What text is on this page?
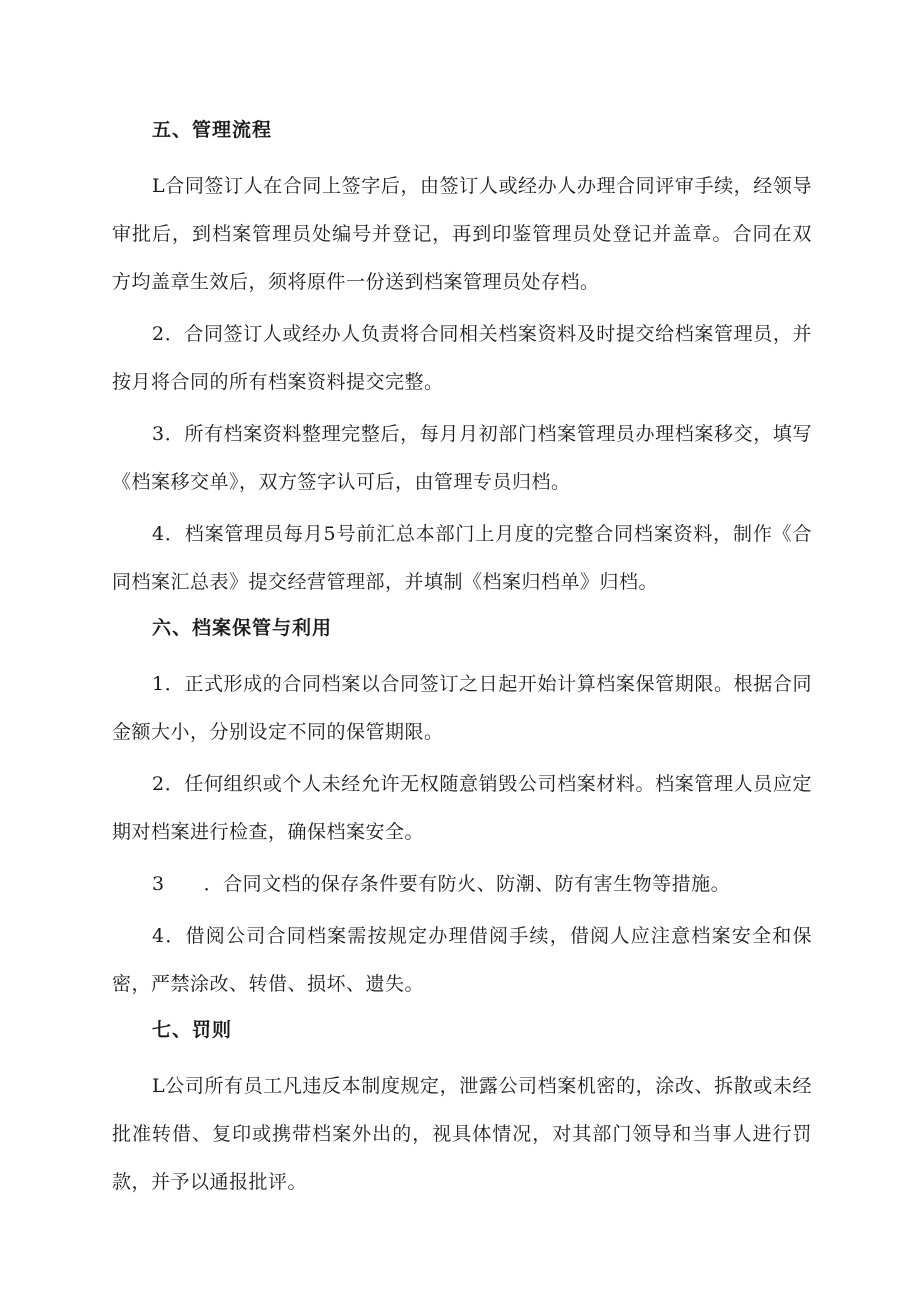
五、管理流程

L合同签订人在合同上签字后，由签订人或经办人办理合同评审手续，经领导审批后，到档案管理员处编号并登记，再到印鉴管理员处登记并盖章。合同在双方均盖章生效后，须将原件一份送到档案管理员处存档。

2．合同签订人或经办人负责将合同相关档案资料及时提交给档案管理员，并按月将合同的所有档案资料提交完整。

3．所有档案资料整理完整后，每月月初部门档案管理员办理档案移交，填写《档案移交单》，双方签字认可后，由管理专员归档。

4．档案管理员每月5号前汇总本部门上月度的完整合同档案资料，制作《合同档案汇总表》提交经营管理部，并填制《档案归档单》归档。

六、档案保管与利用

1．正式形成的合同档案以合同签订之日起开始计算档案保管期限。根据合同金额大小，分别设定不同的保管期限。

2．任何组织或个人未经允许无权随意销毁公司档案材料。档案管理人员应定期对档案进行检查，确保档案安全。

3　　．合同文档的保存条件要有防火、防潮、防有害生物等措施。

4．借阅公司合同档案需按规定办理借阅手续，借阅人应注意档案安全和保密，严禁涂改、转借、损坏、遗失。

七、罚则

L公司所有员工凡违反本制度规定，泄露公司档案机密的，涂改、拆散或未经批准转借、复印或携带档案外出的，视具体情况，对其部门领导和当事人进行罚款，并予以通报批评。
